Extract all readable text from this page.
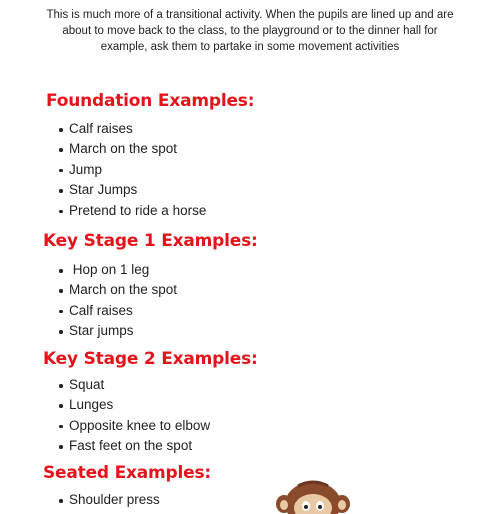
This is much more of a transitional activity. When the pupils are lined up and are about to move back to the class, to the playground or to the dinner hall for example, ask them to partake in some movement activities
Foundation Examples:
Calf raises
March on the spot
Jump
Star Jumps
Pretend to ride a horse
Key Stage 1 Examples:
Hop on 1 leg
March on the spot
Calf raises
Star jumps
Key Stage 2 Examples:
Squat
Lunges
Opposite knee to elbow
Fast feet on the spot
Seated Examples:
Shoulder press
